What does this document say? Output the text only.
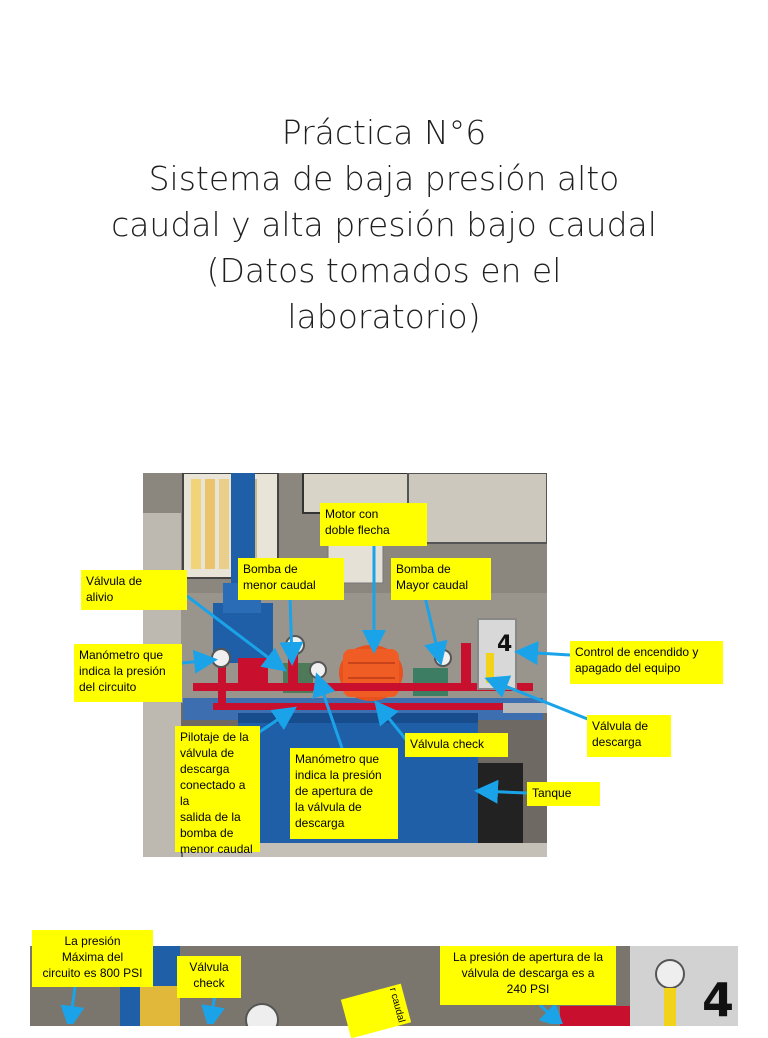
Práctica N°6
Sistema de baja presión alto
caudal y alta presión bajo caudal
(Datos tomados en el
laboratorio)
4
4
Motor con
doble flecha
Bomba de
menor caudal
Bomba de
Mayor caudal
Válvula de
alivio
Manómetro que
indica la presión
del circuito
Control de encendido y
apagado del equipo
Válvula de
descarga
Válvula check
Pilotaje de la
válvula de
descarga
conectado a la
salida de la
bomba de
menor caudal
Manómetro que
indica la presión
de apertura de
la válvula de
descarga
Tanque
La presión
Máxima del
circuito es 800 PSI	Válvula
check
La presión de apertura de la
válvula de descarga es a
240 PSI
r caudal
